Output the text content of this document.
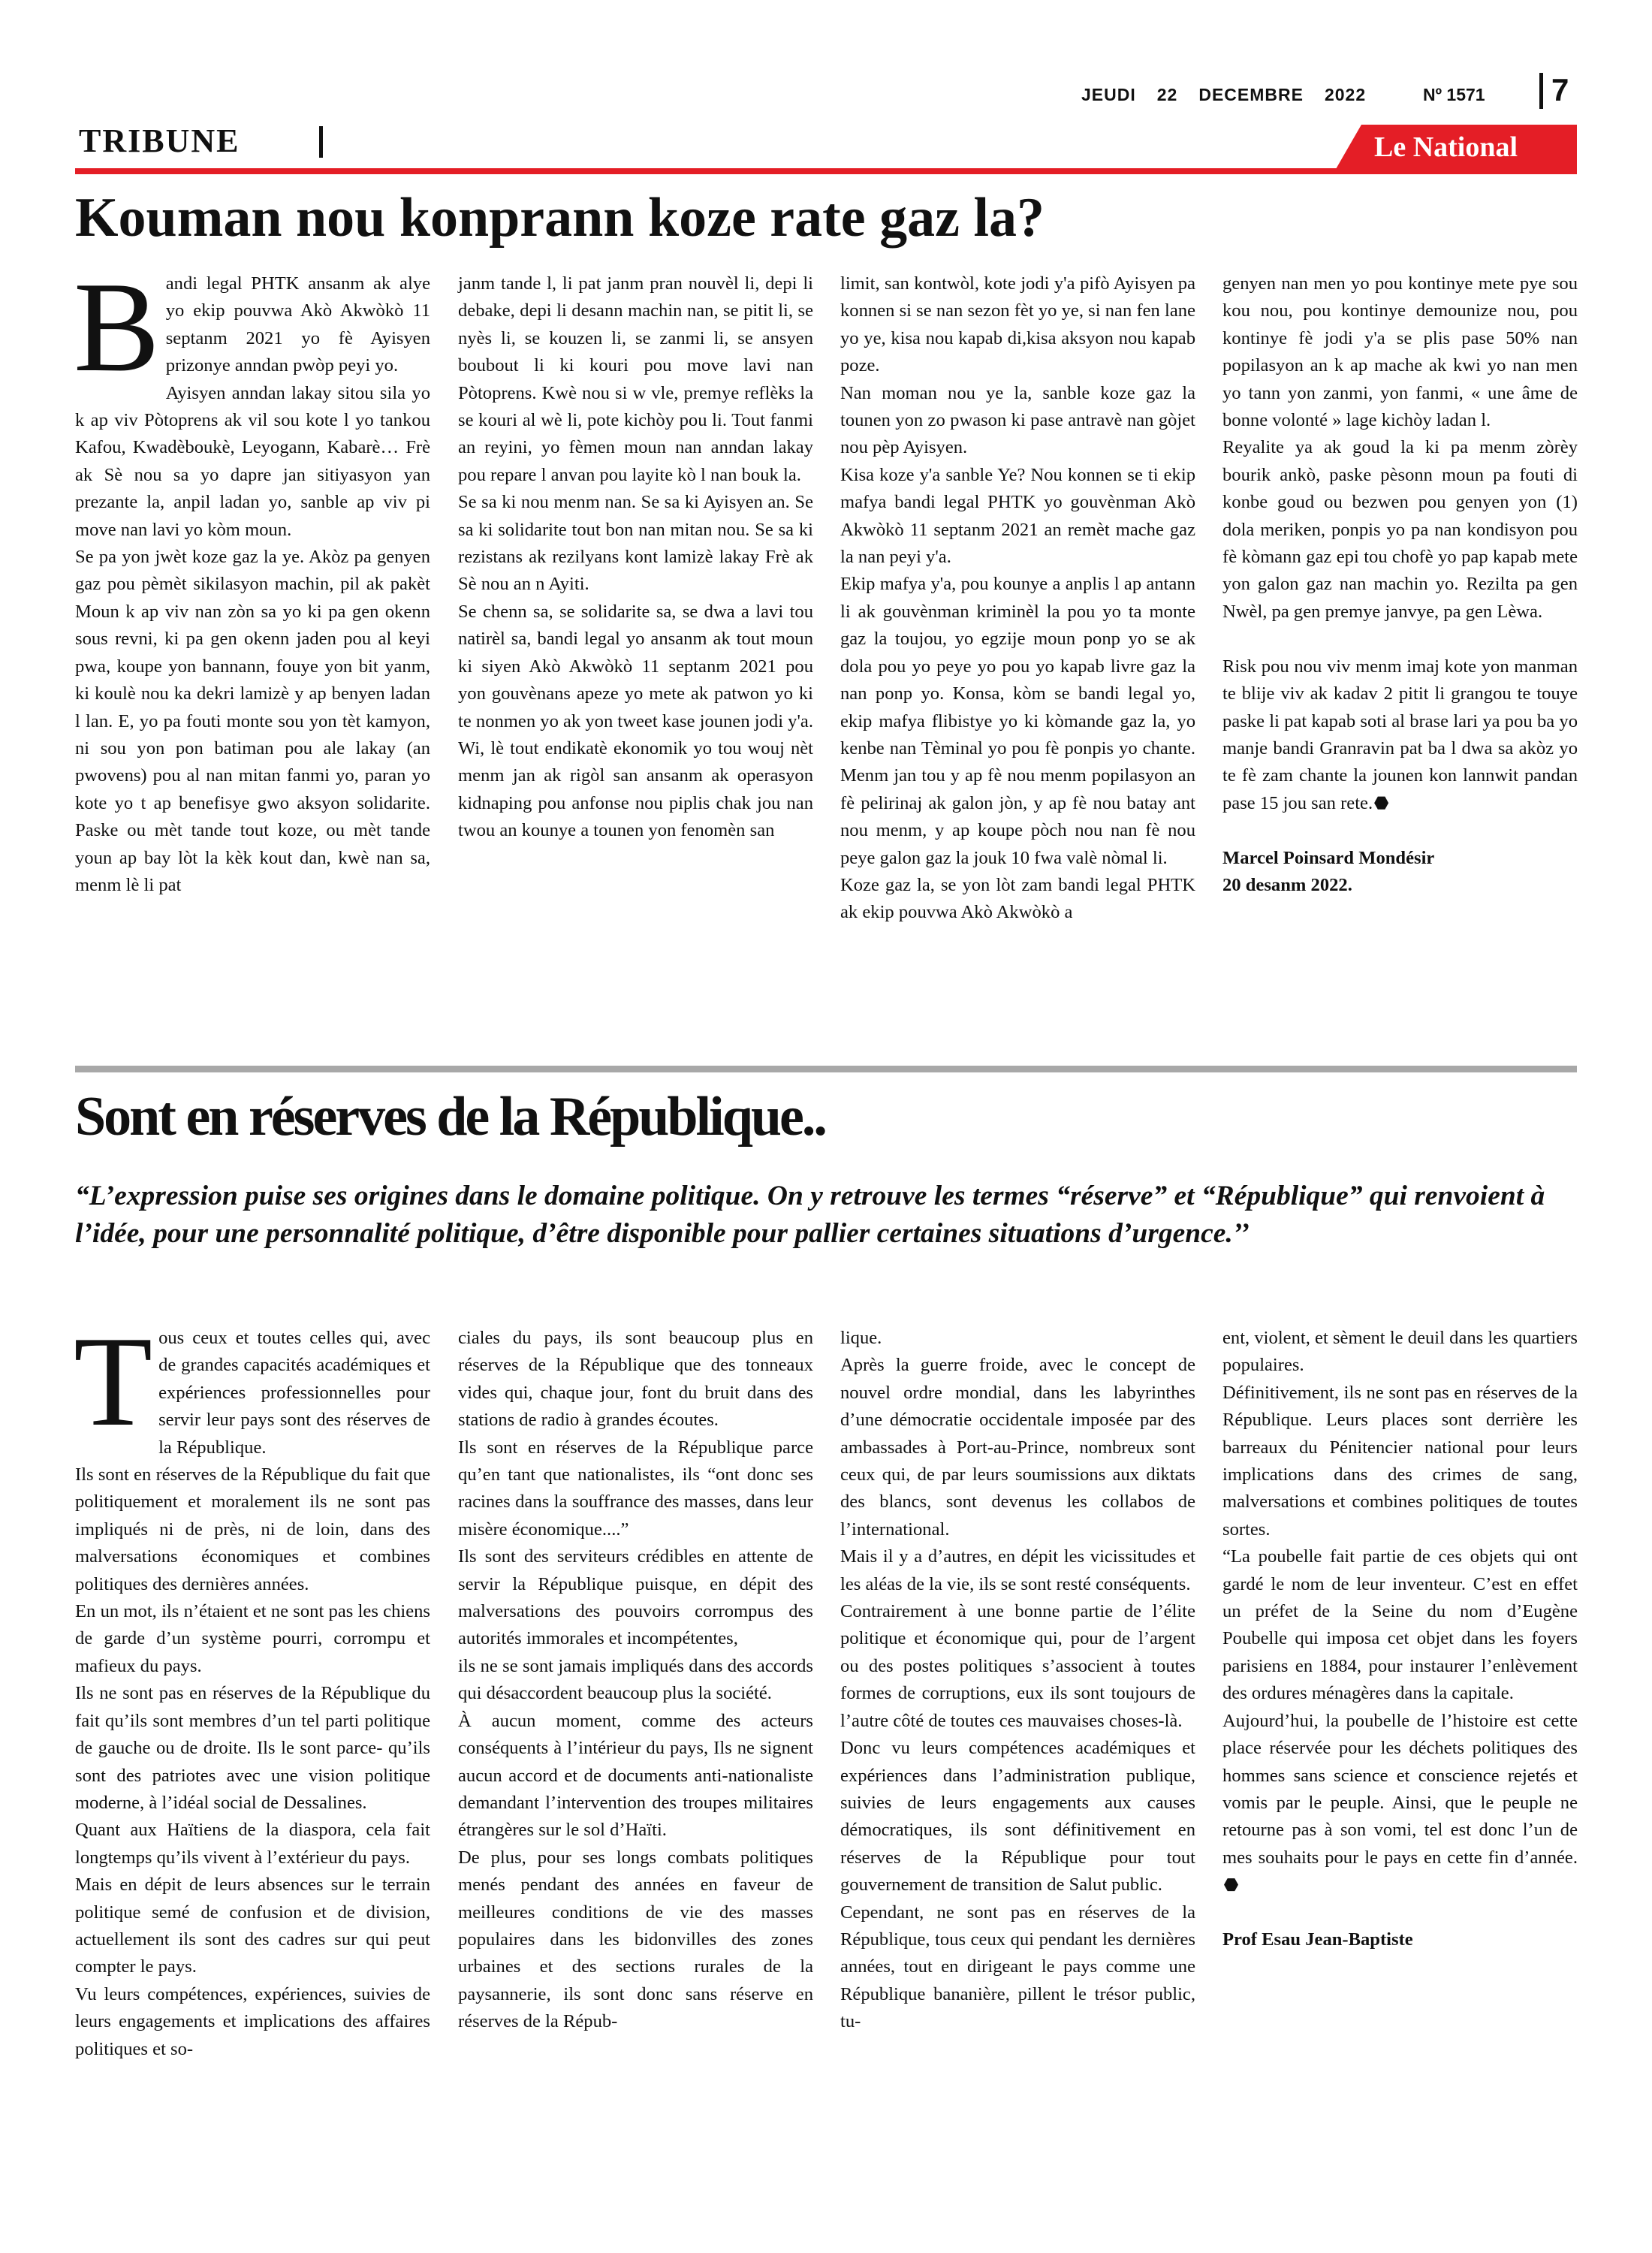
JEUDI 22 DECEMBRE 2022	Nº 1571 7
TRIBUNE	Le National
Kouman nou konprann koze rate gaz la?
B andi legal PHTK ansanm ak alye yo ekip pouvwa Akò Akwòkò 11 septanm 2021 yo fè Ayisyen prizonye anndan pwòp peyi yo.

Ayisyen anndan lakay sitou sila yo k ap viv Pòtoprens ak vil sou kote l yo tankou Kafou, Kwadèboukè, Leyogann, Kabarè… Frè ak Sè nou sa yo dapre jan sitiyasyon yan prezante la, anpil ladan yo, sanble ap viv pi move nan lavi yo kòm moun.

Se pa yon jwèt koze gaz la ye. Akòz pa genyen gaz pou pèmèt sikilasyon machin, pil ak pakèt Moun k ap viv nan zòn sa yo ki pa gen okenn sous revni, ki pa gen okenn jaden pou al keyi pwa, koupe yon bannann, fouye yon bit yanm, ki koulè nou ka dekri lamizè y ap benyen ladan l lan. E, yo pa fouti monte sou yon tèt kamyon, ni sou yon pon batiman pou ale lakay (an pwovens) pou al nan mitan fanmi yo, paran yo kote yo t ap benefisye gwo aksyon solidarite. Paske ou mèt tande tout koze, ou mèt tande youn ap bay lòt la kèk kout dan, kwè nan sa, menm lè li pat

janm tande l, li pat janm pran nouvèl li, depi li debake, depi li desann machin nan, se pitit li, se nyès li, se kouzen li, se zanmi li, se ansyen boubout li ki kouri pou move lavi nan Pòtoprens. Kwè nou si w vle, premye reflèks la se kouri al wè li, pote kichòy pou li. Tout fanmi an reyini, yo fèmen moun nan anndan lakay pou repare l anvan pou layite kò l nan bouk la.

Se sa ki nou menm nan. Se sa ki Ayisyen an. Se sa ki solidarite tout bon nan mitan nou. Se sa ki rezistans ak rezilyans kont lamizè lakay Frè ak Sè nou an n Ayiti.

Se chenn sa, se solidarite sa, se dwa a lavi tou natirèl sa, bandi legal yo ansanm ak tout moun ki siyen Akò Akwòkò 11 septanm 2021 pou yon gouvènans apeze yo mete ak patwon yo ki te nonmen yo ak yon tweet kase jounen jodi y'a.

Wi, lè tout endikatè ekonomik yo tou wouj nèt menm jan ak rigòl san ansanm ak operasyon kidnaping pou anfonse nou piplis chak jou nan twou an kounye a tounen yon fenomèn san

limit, san kontwòl, kote jodi y'a pifò Ayisyen pa konnen si se nan sezon fèt yo ye, si nan fen lane yo ye, kisa nou kapab di,kisa aksyon nou kapab poze.

Nan moman nou ye la, sanble koze gaz la tounen yon zo pwason ki pase antravè nan gòjet nou pèp Ayisyen.

Kisa koze y'a sanble Ye? Nou konnen se ti ekip mafya bandi legal PHTK yo gouvènman Akò Akwòkò 11 septanm 2021 an remèt mache gaz la nan peyi y'a.

Ekip mafya y'a, pou kounye a anplis l ap antann li ak gouvènman kriminèl la pou yo ta monte gaz la toujou, yo egzije moun ponp yo se ak dola pou yo peye yo pou yo kapab livre gaz la nan ponp yo. Konsa, kòm se bandi legal yo, ekip mafya flibistye yo ki kòmande gaz la, yo kenbe nan Tèminal yo pou fè ponpis yo chante. Menm jan tou y ap fè nou menm popilasyon an fè pelirinaj ak galon jòn, y ap fè nou batay ant nou menm, y ap koupe pòch nou nan fè nou peye galon gaz la jouk 10 fwa valè nòmal li.

Koze gaz la, se yon lòt zam bandi legal PHTK ak ekip pouvwa Akò Akwòkò a

genyen nan men yo pou kontinye mete pye sou kou nou, pou kontinye demounize nou, pou kontinye fè jodi y'a se plis pase 50% nan popilasyon an k ap mache ak kwi yo nan men yo tann yon zanmi, yon fanmi, « une âme de bonne volonté » lage kichòy ladan l.

Reyalite ya ak goud la ki pa menm zòrèy bourik ankò, paske pèsonn moun pa fouti di konbe goud ou bezwen pou genyen yon (1) dola meriken, ponpis yo pa nan kondisyon pou fè kòmann gaz epi tou chofè yo pap kapab mete yon galon gaz nan machin yo. Rezilta pa gen Nwèl, pa gen premye janvye, pa gen Lèwa.

Risk pou nou viv menm imaj kote yon manman te blije viv ak kadav 2 pitit li grangou te touye paske li pat kapab soti al brase lari ya pou ba yo manje bandi Granravin pat ba l dwa sa akòz yo te fè zam chante la jounen kon lannwit pandan pase 15 jou san rete.

Marcel Poinsard Mondésir

20 desanm 2022.

Sont en réserves de la République..
“L’expression puise ses origines dans le domaine politique. On y retrouve les termes “réserve” et “République” qui renvoient à l’idée, pour une personnalité politique, d’être disponible pour pallier certaines situations d’urgence.’’
T ous ceux et toutes celles qui, avec de grandes capacités académiques et expériences professionnelles pour servir leur pays sont des réserves de la République.

Ils sont en réserves de la République du fait que politiquement et moralement ils ne sont pas impliqués ni de près, ni de loin, dans des malversations économiques et combines politiques des dernières années.

En un mot, ils n’étaient et ne sont pas les chiens de garde d’un système pourri, corrompu et mafieux du pays.

Ils ne sont pas en réserves de la République du fait qu’ils sont membres d’un tel parti politique de gauche ou de droite. Ils le sont parce- qu’ils sont des patriotes avec une vision politique moderne, à l’idéal social de Dessalines.

Quant aux Haïtiens de la diaspora, cela fait longtemps qu’ils vivent à l’extérieur du pays.

Mais en dépit de leurs absences sur le terrain politique semé de confusion et de division, actuellement ils sont des cadres sur qui peut compter le pays.

Vu leurs compétences, expériences, suivies de leurs engagements et implications des affaires politiques et so-

ciales du pays, ils sont beaucoup plus en réserves de la République que des tonneaux vides qui, chaque jour, font du bruit dans des stations de radio à grandes écoutes.

Ils sont en réserves de la République parce qu’en tant que nationalistes, ils “ont donc ses racines dans la souffrance des masses, dans leur misère économique....”

Ils sont des serviteurs crédibles en attente de servir la République puisque, en dépit des malversations des pouvoirs corrompus des autorités immorales et incompétentes,

ils ne se sont jamais impliqués dans des accords qui désaccordent beaucoup plus la société.

À aucun moment, comme des acteurs conséquents à l’intérieur du pays, Ils ne signent aucun accord et de documents anti-nationaliste demandant l’intervention des troupes militaires étrangères sur le sol d’Haïti.

De plus, pour ses longs combats politiques menés pendant des années en faveur de meilleures conditions de vie des masses populaires dans les bidonvilles des zones urbaines et des sections rurales de la paysannerie, ils sont donc sans réserve en réserves de la Répub-

lique.

Après la guerre froide, avec le concept de nouvel ordre mondial, dans les labyrinthes d’une démocratie occidentale imposée par des ambassades à Port-au-Prince, nombreux sont ceux qui, de par leurs soumissions aux diktats des blancs, sont devenus les collabos de l’international.

Mais il y a d’autres, en dépit les vicissitudes et les aléas de la vie, ils se sont resté conséquents.

Contrairement à une bonne partie de l’élite politique et économique qui, pour de l’argent ou des postes politiques s’associent à toutes formes de corruptions, eux ils sont toujours de l’autre côté de toutes ces mauvaises choses-là.

Donc vu leurs compétences académiques et expériences dans l’administration publique, suivies de leurs engagements aux causes démocratiques, ils sont définitivement en réserves de la République pour tout gouvernement de transition de Salut public.

Cependant, ne sont pas en réserves de la République, tous ceux qui pendant les dernières années, tout en dirigeant le pays comme une République bananière, pillent le trésor public, tu-

ent, violent, et sèment le deuil dans les quartiers populaires.

Définitivement, ils ne sont pas en réserves de la République. Leurs places sont derrière les barreaux du Pénitencier national pour leurs implications dans des crimes de sang, malversations et combines politiques de toutes sortes.

“La poubelle fait partie de ces objets qui ont gardé le nom de leur inventeur. C’est en effet un préfet de la Seine du nom d’Eugène Poubelle qui imposa cet objet dans les foyers parisiens en 1884, pour instaurer l’enlèvement des ordures ménagères dans la capitale.

Aujourd’hui, la poubelle de l’histoire est cette place réservée pour les déchets politiques des hommes sans science et conscience rejetés et vomis par le peuple. Ainsi, que le peuple ne retourne pas à son vomi, tel est donc l’un de mes souhaits pour le pays en cette fin d’année.

Prof Esau Jean-Baptiste
